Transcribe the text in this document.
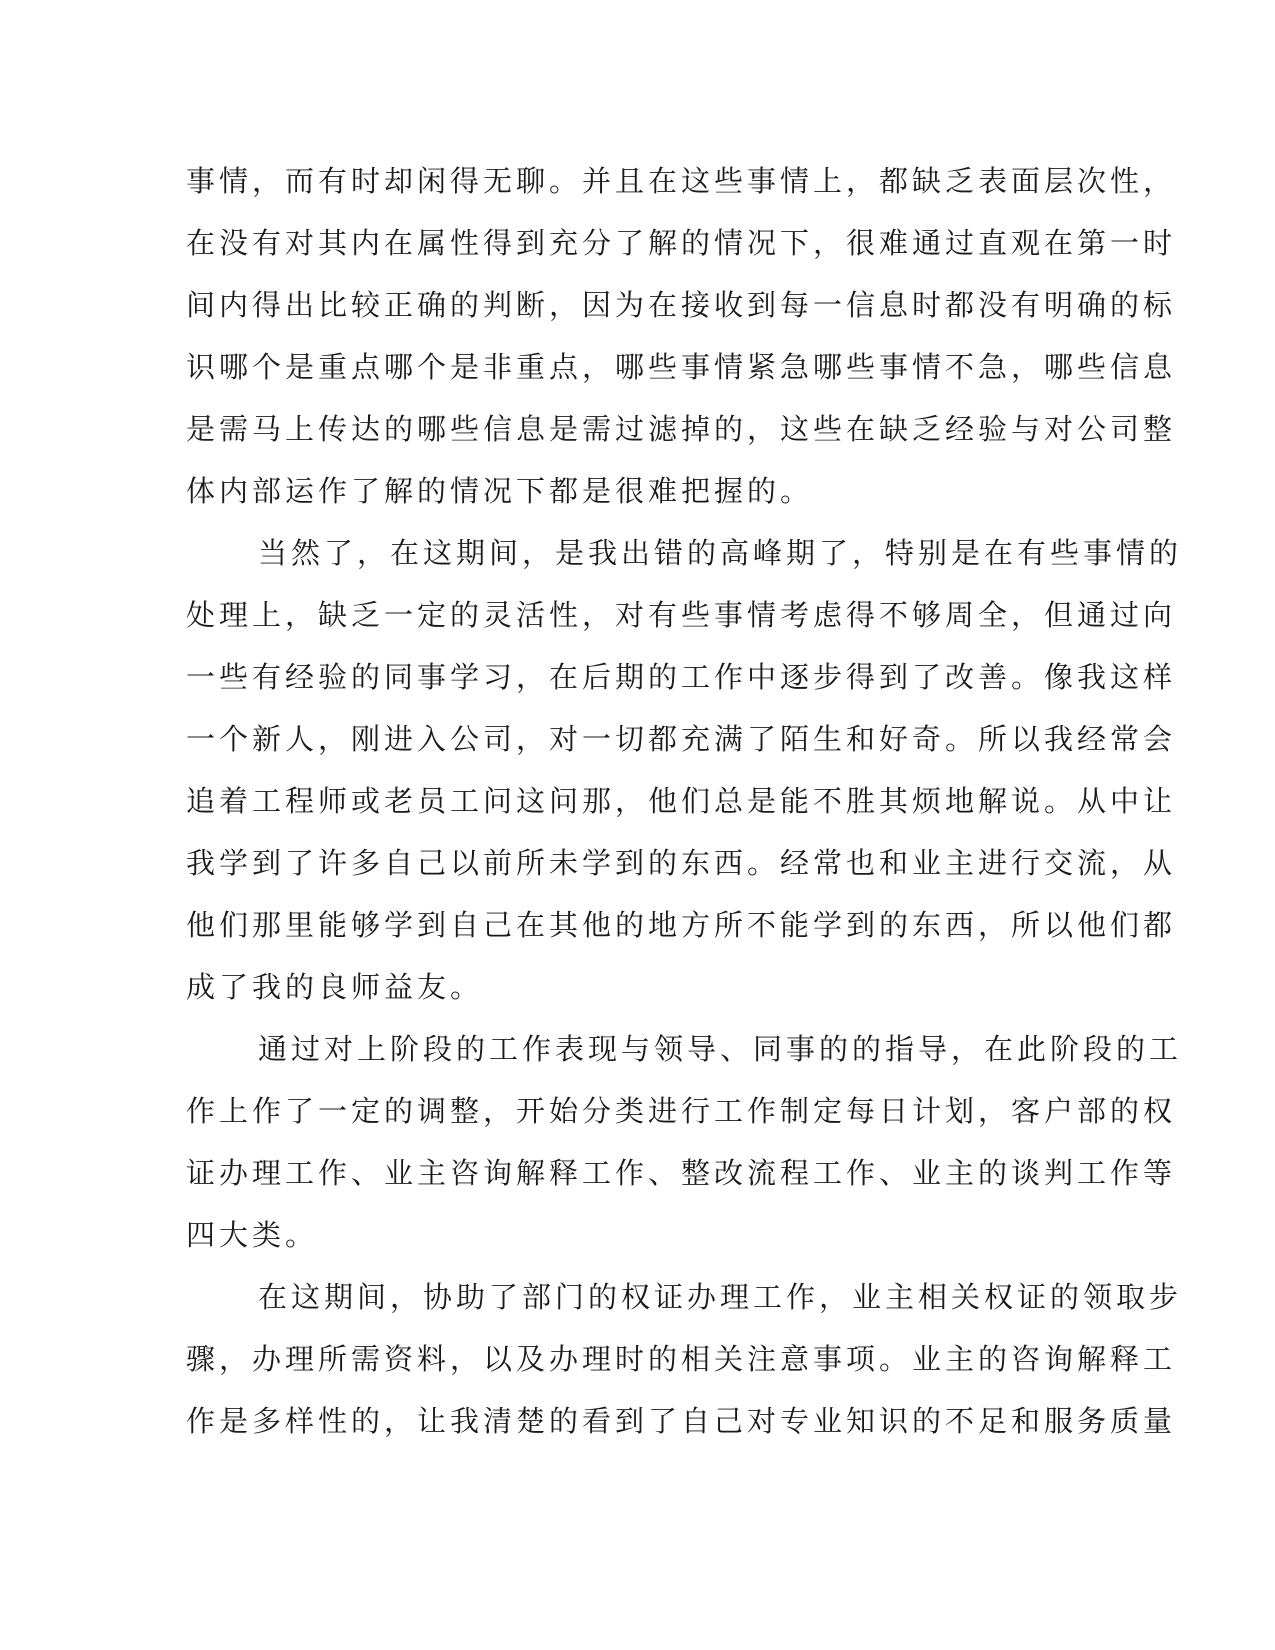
事情，而有时却闲得无聊。并且在这些事情上，都缺乏表面层次性，
在没有对其内在属性得到充分了解的情况下，很难通过直观在第一时
间内得出比较正确的判断，因为在接收到每一信息时都没有明确的标
识哪个是重点哪个是非重点，哪些事情紧急哪些事情不急，哪些信息
是需马上传达的哪些信息是需过滤掉的，这些在缺乏经验与对公司整
体内部运作了解的情况下都是很难把握的。
当然了，在这期间，是我出错的高峰期了，特别是在有些事情的
处理上，缺乏一定的灵活性，对有些事情考虑得不够周全，但通过向
一些有经验的同事学习，在后期的工作中逐步得到了改善。像我这样
一个新人，刚进入公司，对一切都充满了陌生和好奇。所以我经常会
追着工程师或老员工问这问那，他们总是能不胜其烦地解说。从中让
我学到了许多自己以前所未学到的东西。经常也和业主进行交流，从
他们那里能够学到自己在其他的地方所不能学到的东西，所以他们都
成了我的良师益友。
通过对上阶段的工作表现与领导、同事的的指导，在此阶段的工
作上作了一定的调整，开始分类进行工作制定每日计划，客户部的权
证办理工作、业主咨询解释工作、整改流程工作、业主的谈判工作等
四大类。
在这期间，协助了部门的权证办理工作，业主相关权证的领取步
骤，办理所需资料，以及办理时的相关注意事项。业主的咨询解释工
作是多样性的，让我清楚的看到了自己对专业知识的不足和服务质量
